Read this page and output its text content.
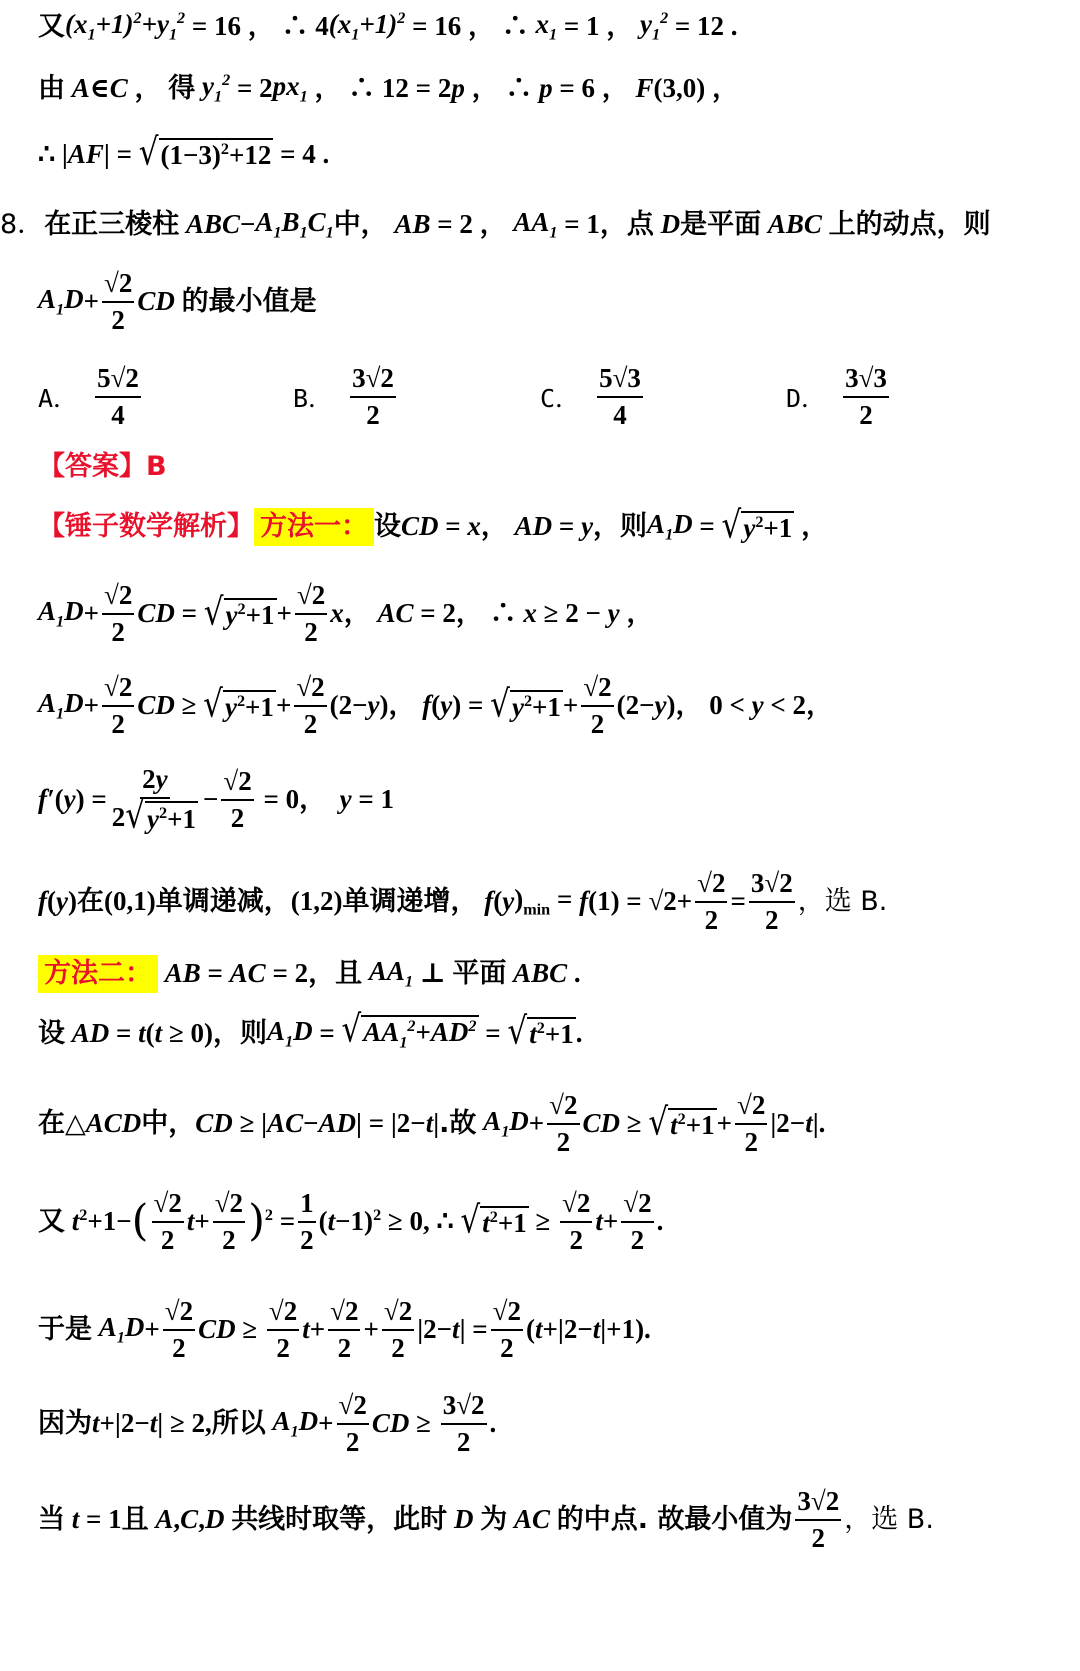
又 $(x_1+1)^2+y_1^2 = 16$ ， ∴ 4 $(x_1+1)^2 = 16$ ， ∴ $x_1 = 1$ ， $y_1^2 = 12$ .
由 A ∈ C ， 得 $y_1^2 = 2$ $px_1$ ， ∴ 12 = 2 p ， ∴ p = 6 ， F (3,0) ，
∴ | AF | = √ $(1-3)^2+12 = 4$ .
8． 在正三棱柱 ABC − $A_1B_1C_1$ 中， AB = 2 ， $AA_1 = 1$ ，点 D 是平面 ABC 上的动点，则
$A_1D + \frac{√2}{2}$ CD 的最小值是
A． $\frac{5√2}{4}$	B． $\frac{3√2}{2}$	C． $\frac{5√3}{4}$	D． $\frac{3√3}{2}$
【答案】B
【锤子数学解析】 方法一： 设 CD = x ， AD = y ，则 $A_1D$ = √ $y^2+1$ ，
$A_1D + \frac{√2}{2}$ CD = √ $y^2+1 + \frac{√2}{2}$ x ， AC = 2， ∴ x ≥ 2 − y ，
$A_1D + \frac{√2}{2}$ CD ≥ √ $y^2+1 + \frac{√2}{2} (2- y$ )， f ( y ) = √ $y^2+1 + \frac{√2}{2} (2- y$ )， 0 < y < 2，
f′ ( y ) = $\frac{2y}{2 √ y^2+1} - \frac{√2}{2} = 0$， y = 1
f ( y ) 在 (0,1) 单调递减， (1,2) 单调递增， f ( y )$_{min} = f$ $(1) = √2+ \frac{√2}{2} = \frac{3√2}{2}$ ，选 B.
方法二： AB = AC = 2 ，且 $AA_1$ ⊥ 平面 ABC .
设 AD = t ( t ≥ 0) ，则 $A_1D$ = √ $AA_1^2+AD^2$ = √ $t^2+1$ .
在 △ ACD 中， CD ≥ | AC − AD | = |2− t | .故 $A_1D + \frac{√2}{2}$ CD ≥ √ $t^2+1 + \frac{√2}{2} |2- t$ |.
又 t $^2$+1− ( $\frac{√2}{2}$ $t + \frac{√2}{2}$ ) $^2 = \frac{1}{2}$ ( t −1)$^2$ ≥ 0, ∴ √ $t^2+1 \ge \frac{√2}{2}$ $t + \frac{√2}{2}$ .
于是 $A_1D + \frac{√2}{2}$ CD ≥ $\frac{√2}{2}$ $t + \frac{√2}{2} + \frac{√2}{2} |2- t$ | = $\frac{√2}{2}$ ( t +|2− t |+1).
因为 t +|2− t | ≥ 2, 所以 $A_1D + \frac{√2}{2}$ CD ≥ $\frac{3√2}{2}$ .
当 t = 1 且 A , C , D 共线时取等，此时 D 为 AC 的中点. 故最小值为 $\frac{3√2}{2}$ ，选 B.
